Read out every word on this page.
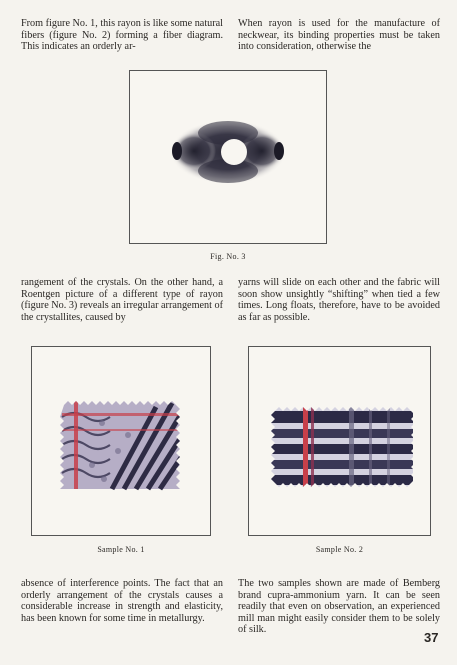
From figure No. 1, this rayon is like some natural fibers (figure No. 2) forming a fiber diagram. This indicates an orderly ar-

When rayon is used for the manufacture of neckwear, its binding properties must be taken into consideration, otherwise the

Fig. No. 3

rangement of the crystals. On the other hand, a Roentgen picture of a different type of rayon (figure No. 3) reveals an irregular arrangement of the crystallites, caused by

yarns will slide on each other and the fabric will soon show unsightly “shifting” when tied a few times. Long floats, therefore, have to be avoided as far as possible.

Sample No. 1	Sample No. 2

absence of interference points. The fact that an orderly arrangement of the crystals causes a considerable increase in strength and elasticity, has been known for some time in metallurgy.

The two samples shown are made of Bemberg brand cupra-ammonium yarn. It can be seen readily that even on observation, an experienced mill man might easily consider them to be solely of silk.

37
